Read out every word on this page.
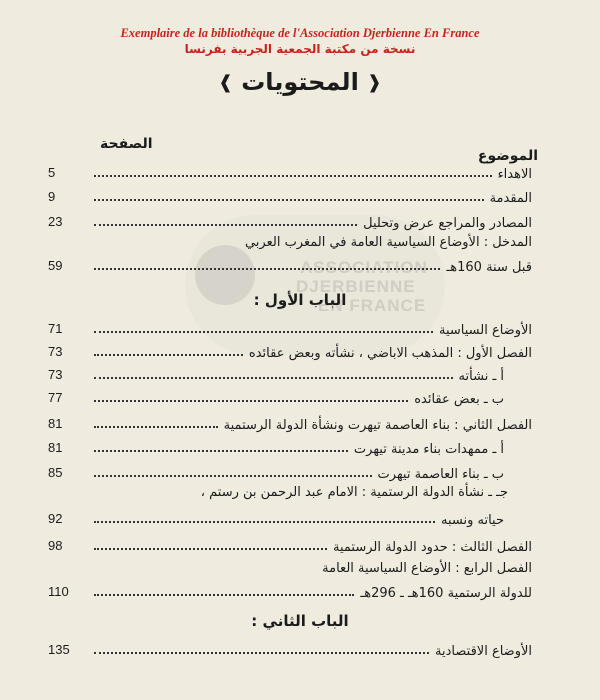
ASSOCIATION
DJERBIENNE
EN FRANCE
Exemplaire de la bibliothèque de l'Association Djerbienne En France
نسخة من مكتبة الجمعية الجربية بفرنسا
❰ المحتويات ❱
الصفحة
الموضوع
الاهداء
5
المقدمة
9
المصادر والمراجع عرض وتحليل
23
المدخل : الأوضاع السياسية العامة في المغرب العربي
قبل سنة 160هـ
59
الباب الأول :
الأوضاع السياسية
71
الفصل الأول : المذهب الاباضي ، نشأته وبعض عقائده
73
أ ـ نشأته
73
ب ـ بعض عقائده
77
الفصل الثاني : بناء العاصمة تيهرت ونشأة الدولة الرستمية
81
أ ـ ممهدات بناء مدينة تيهرت
81
ب ـ بناء العاصمة تيهرت
85
جـ ـ نشأة الدولة الرستمية : الامام عبد الرحمن بن رستم ،
حياته ونسبه
92
الفصل الثالث : حدود الدولة الرستمية
98
الفصل الرابع : الأوضاع السياسية العامة
للدولة الرستمية 160هـ ـ 296هـ
110
الباب الثاني :
الأوضاع الاقتصادية
135
